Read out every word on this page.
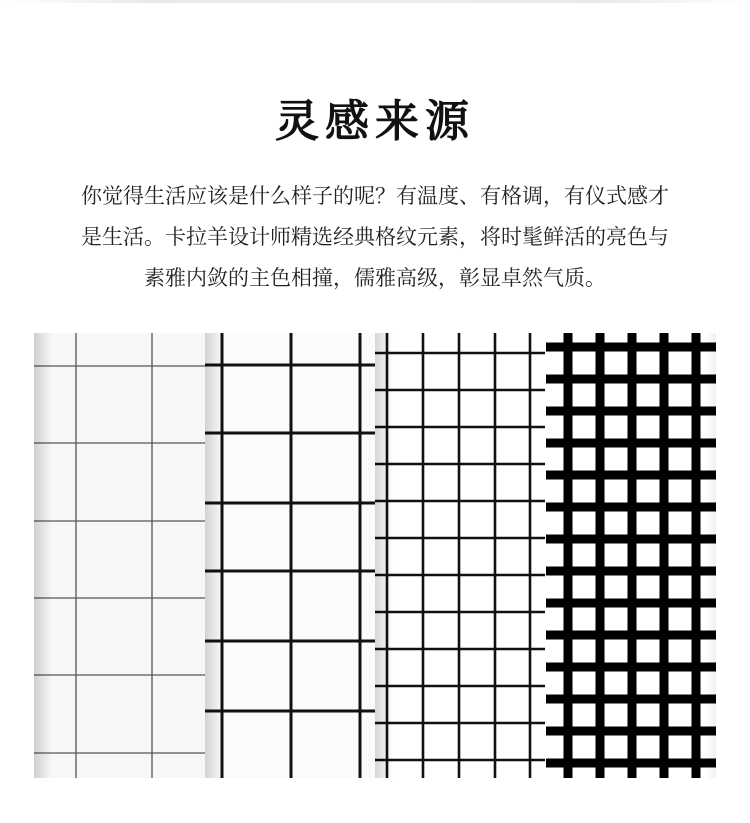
灵感来源
你觉得生活应该是什么样子的呢？有温度、有格调，有仪式感才
是生活。卡拉羊设计师精选经典格纹元素，将时髦鲜活的亮色与
素雅内敛的主色相撞，儒雅高级，彰显卓然气质。
